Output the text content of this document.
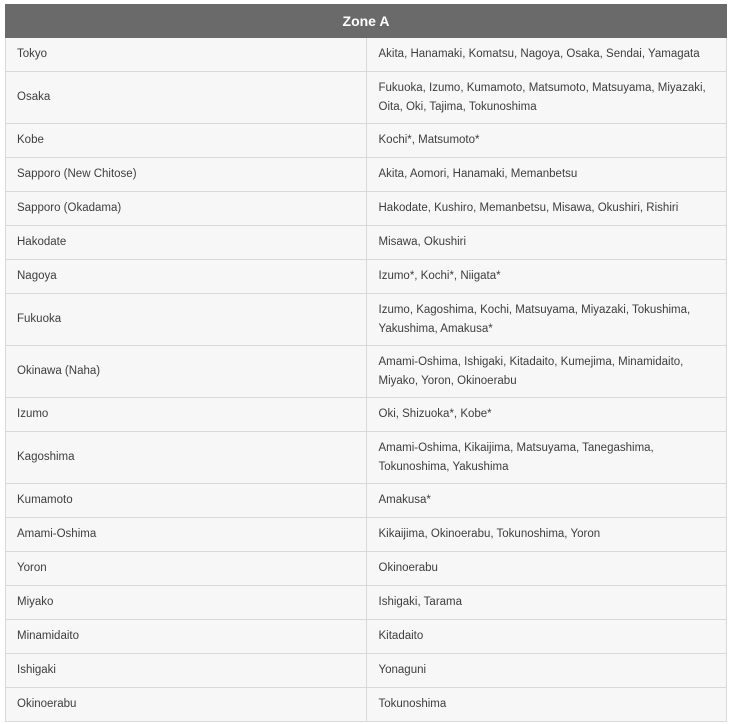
Zone A	
Tokyo	Akita, Hanamaki, Komatsu, Nagoya, Osaka, Sendai, Yamagata
Osaka	Fukuoka, Izumo, Kumamoto, Matsumoto, Matsuyama, Miyazaki, Oita, Oki, Tajima, Tokunoshima
Kobe	Kochi*, Matsumoto*
Sapporo (New Chitose)	Akita, Aomori, Hanamaki, Memanbetsu
Sapporo (Okadama)	Hakodate, Kushiro, Memanbetsu, Misawa, Okushiri, Rishiri
Hakodate	Misawa, Okushiri
Nagoya	Izumo*, Kochi*, Niigata*
Fukuoka	Izumo, Kagoshima, Kochi, Matsuyama, Miyazaki, Tokushima, Yakushima, Amakusa*
Okinawa (Naha)	Amami-Oshima, Ishigaki, Kitadaito, Kumejima, Minamidaito, Miyako, Yoron, Okinoerabu
Izumo	Oki, Shizuoka*, Kobe*
Kagoshima	Amami-Oshima, Kikaijima, Matsuyama, Tanegashima, Tokunoshima, Yakushima
Kumamoto	Amakusa*
Amami-Oshima	Kikaijima, Okinoerabu, Tokunoshima, Yoron
Yoron	Okinoerabu
Miyako	Ishigaki, Tarama
Minamidaito	Kitadaito
Ishigaki	Yonaguni
Okinoerabu	Tokunoshima
